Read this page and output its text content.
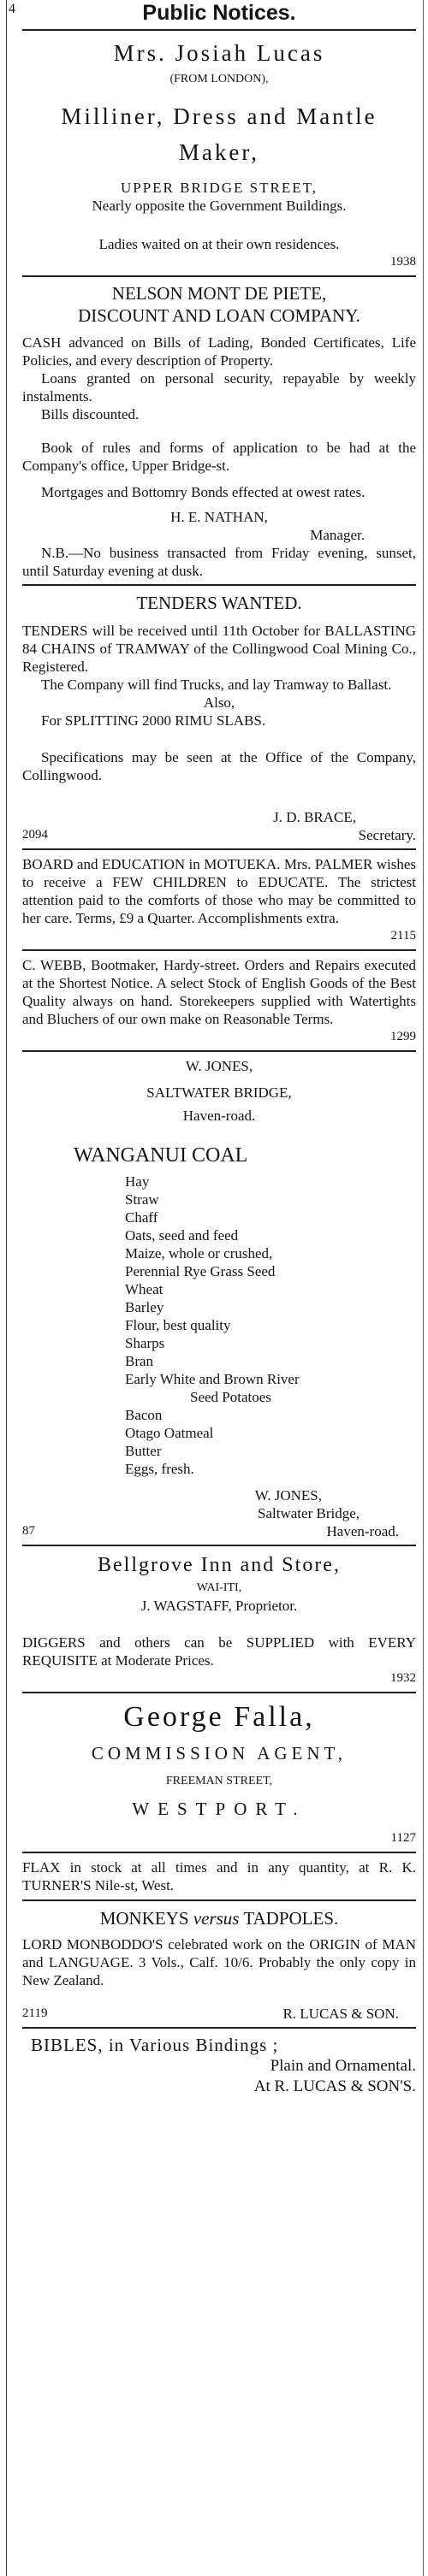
4	Public Notices.
Mrs. Josiah Lucas
(FROM LONDON),
Milliner, Dress and Mantle Maker,
UPPER BRIDGE STREET,
Nearly opposite the Government Buildings.
Ladies waited on at their own residences.
1938
NELSON MONT DE PIETE,
DISCOUNT AND LOAN COMPANY.

CASH advanced on Bills of Lading, Bonded Certificates, Life Policies, and every description of Property.

Loans granted on personal security, repayable by weekly instalments.

Bills discounted.

Book of rules and forms of application to be had at the Company's office, Upper Bridge-st.

Mortgages and Bottomry Bonds effected at owest rates.

H. E. NATHAN,
Manager.

N.B.—No business transacted from Friday evening, sunset, until Saturday evening at dusk.

TENDERS WANTED.

TENDERS will be received until 11th October for BALLASTING 84 CHAINS of TRAMWAY of the Collingwood Coal Mining Co., Registered.

The Company will find Trucks, and lay Tramway to Ballast.

Also,

For SPLITTING 2000 RIMU SLABS.

Specifications may be seen at the Office of the Company, Collingwood.

J. D. BRACE,
2094	Secretary.

BOARD and EDUCATION in MOTUEKA. Mrs. PALMER wishes to receive a FEW CHILDREN to EDUCATE. The strictest attention paid to the comforts of those who may be committed to her care. Terms, £9 a Quarter. Accomplishments extra.

2115

C. WEBB, Bootmaker, Hardy-street. Orders and Repairs executed at the Shortest Notice. A select Stock of English Goods of the Best Quality always on hand. Storekeepers supplied with Watertights and Bluchers of our own make on Reasonable Terms.

1299
W. JONES,
SALTWATER BRIDGE,
Haven-road.
WANGANUI COAL
Hay
Straw
Chaff
Oats, seed and feed
Maize, whole or crushed,
Perennial Rye Grass Seed
Wheat
Barley
Flour, best quality
Sharps
Bran
Early White and Brown River
Seed Potatoes
Bacon
Otago Oatmeal
Butter
Eggs, fresh.
W. JONES,
Saltwater Bridge,
87	Haven-road.
Bellgrove Inn and Store,
WAI-ITI,
J. WAGSTAFF, Proprietor.

DIGGERS and others can be SUPPLIED with EVERY REQUISITE at Moderate Prices.

1932
George Falla,
COMMISSION AGENT,
FREEMAN STREET,
WESTPORT.
1127

FLAX in stock at all times and in any quantity, at R. K. TURNER'S Nile-st, West.

MONKEYS versus TADPOLES.

LORD MONBODDO'S celebrated work on the ORIGIN of MAN and LANGUAGE. 3 Vols., Calf. 10/6. Probably the only copy in New Zealand.

2119	R. LUCAS & SON.
BIBLES, in Various Bindings ;
Plain and Ornamental.
At R. LUCAS & SON'S.
